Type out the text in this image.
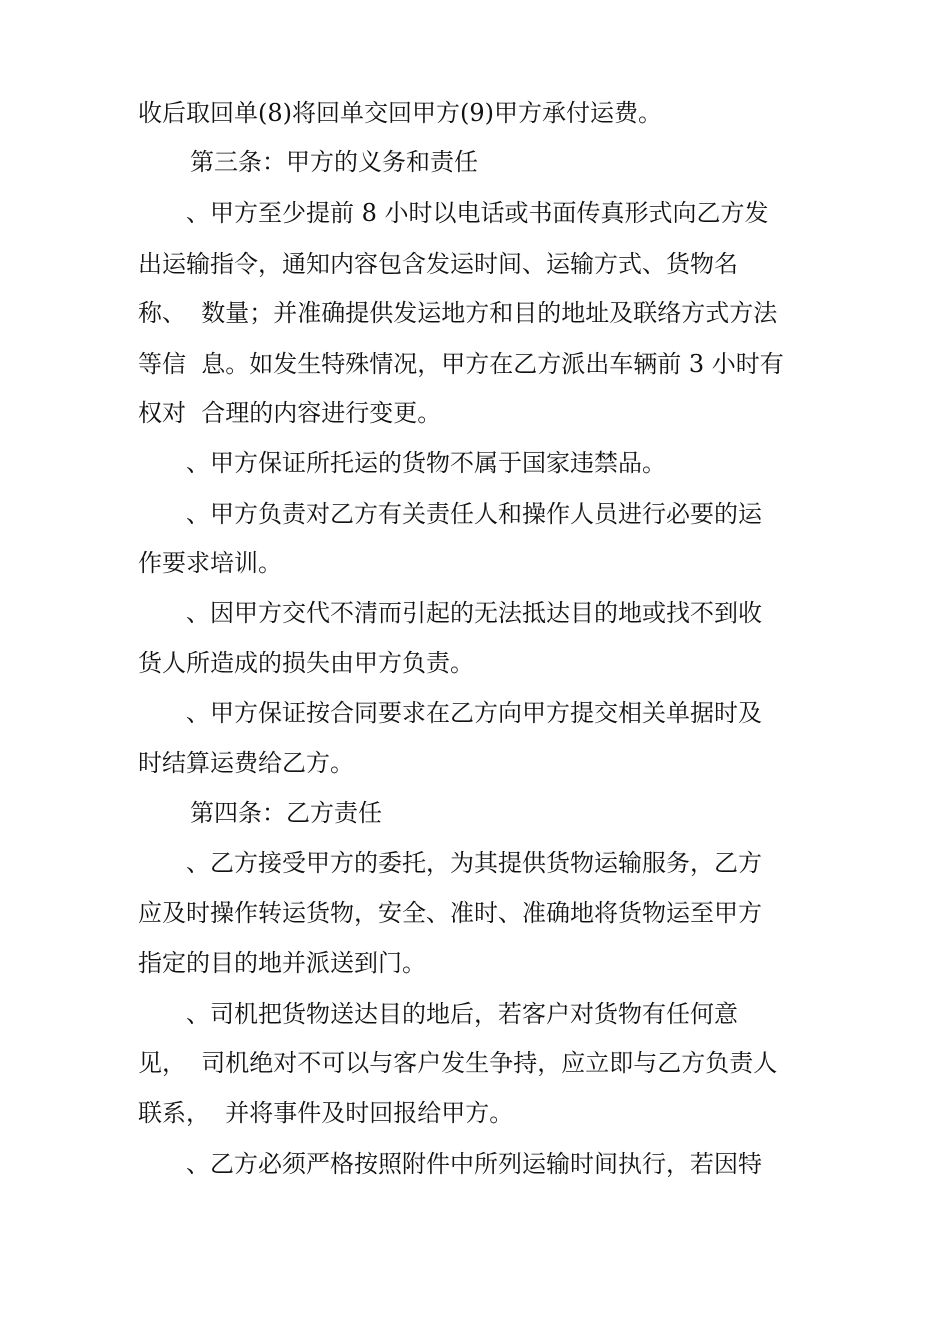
收后取回单(8)将回单交回甲方(9)甲方承付运费。
第三条：甲方的义务和责任
、甲方至少提前 8 小时以电话或书面传真形式向乙方发
出运输指令，通知内容包含发运时间、运输方式、货物名
称、  数量；并准确提供发运地方和目的地址及联络方式方法
等信  息。如发生特殊情况，甲方在乙方派出车辆前 3 小时有
权对  合理的内容进行变更。
、甲方保证所托运的货物不属于国家违禁品。
、甲方负责对乙方有关责任人和操作人员进行必要的运
作要求培训。
、因甲方交代不清而引起的无法抵达目的地或找不到收
货人所造成的损失由甲方负责。
、甲方保证按合同要求在乙方向甲方提交相关单据时及
时结算运费给乙方。
第四条：乙方责任
、乙方接受甲方的委托，为其提供货物运输服务，乙方
应及时操作转运货物，安全、准时、准确地将货物运至甲方
指定的目的地并派送到门。
、司机把货物送达目的地后，若客户对货物有任何意
见，  司机绝对不可以与客户发生争持，应立即与乙方负责人
联系，  并将事件及时回报给甲方。
、乙方必须严格按照附件中所列运输时间执行，若因特
